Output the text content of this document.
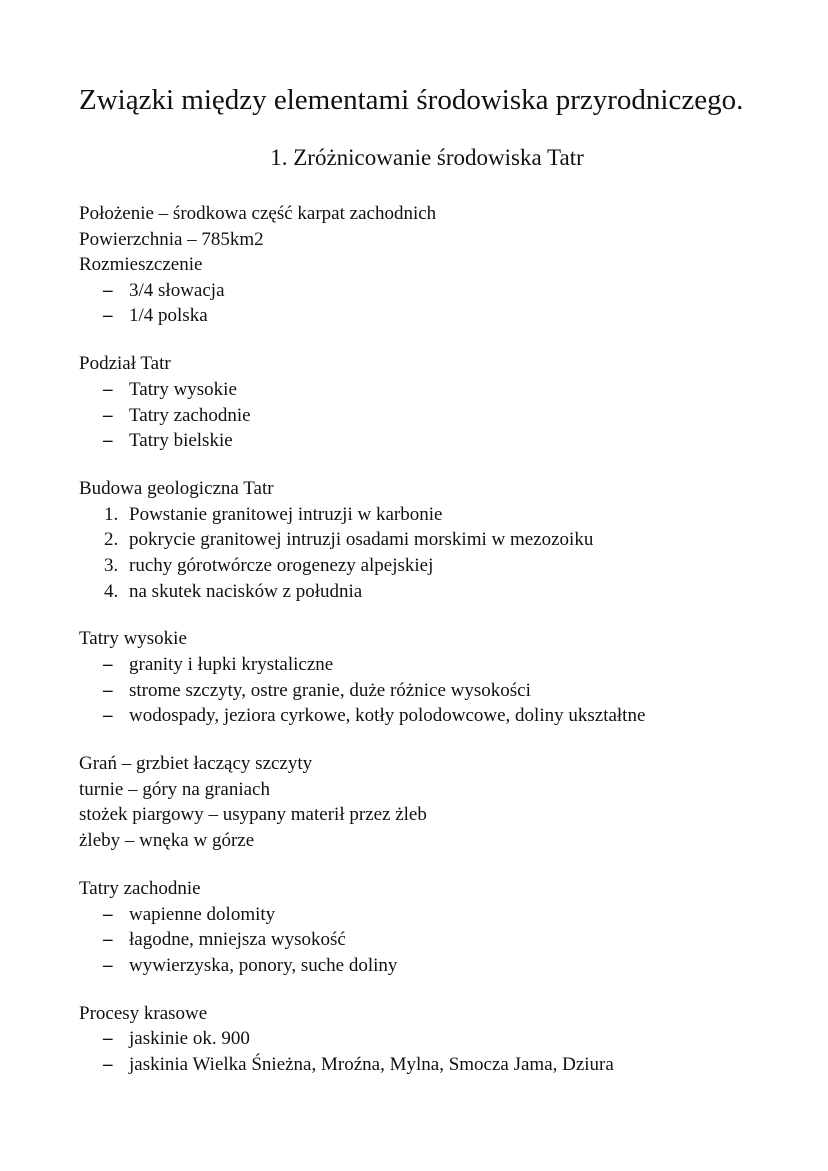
Związki między elementami środowiska przyrodniczego.
1. Zróżnicowanie środowiska Tatr
Położenie – środkowa część karpat zachodnich
Powierzchnia – 785km2
Rozmieszczenie
– 3/4 słowacja
– 1/4 polska
Podział Tatr
– Tatry wysokie
– Tatry zachodnie
– Tatry bielskie
Budowa geologiczna Tatr
1. Powstanie granitowej intruzji w karbonie
2. pokrycie granitowej intruzji osadami morskimi w mezozoiku
3. ruchy górotwórcze orogenezy alpejskiej
4. na skutek nacisków z południa
Tatry wysokie
– granity i łupki krystaliczne
– strome szczyty, ostre granie, duże różnice wysokości
– wodospady, jeziora cyrkowe, kotły polodowcowe, doliny ukształtne
Grań – grzbiet łaczący szczyty
turnie – góry na graniach
stożek piargowy – usypany materił przez żleb
żleby – wnęka w górze
Tatry zachodnie
– wapienne dolomity
– łagodne, mniejsza wysokość
– wywierzyska, ponory, suche doliny
Procesy krasowe
– jaskinie ok. 900
– jaskinia Wielka Śnieżna, Mroźna, Mylna, Smocza Jama, Dziura
